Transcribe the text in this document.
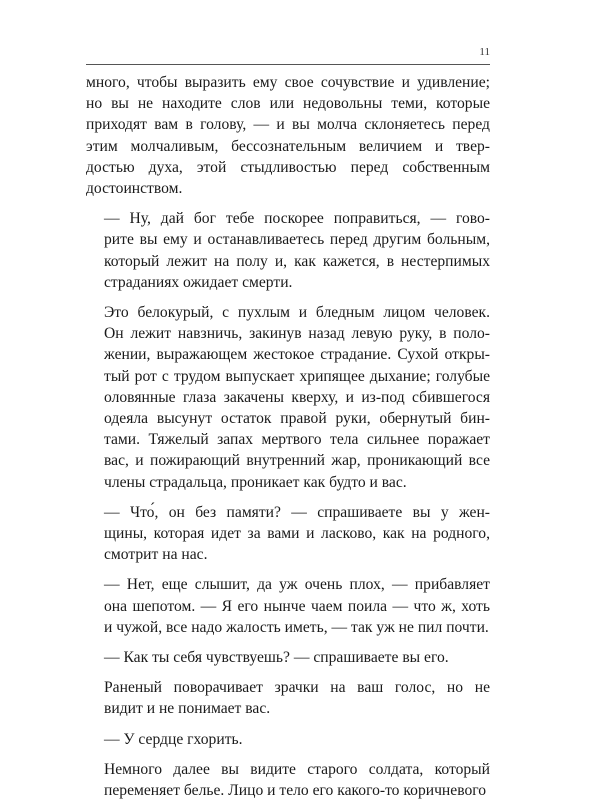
11

много, чтобы выразить ему свое сочувствие и удивление;
но вы не находите слов или недовольны теми, которые
приходят вам в голову, — и вы молча склоняетесь перед
этим молчаливым, бессознательным величием и твер-
достью духа, этой стыдливостью перед собственным
достоинством.

— Ну, дай бог тебе поскорее поправиться, — гово-
рите вы ему и останавливаетесь перед другим больным,
который лежит на полу и, как кажется, в нестерпимых
страданиях ожидает смерти.

Это белокурый, с пухлым и бледным лицом человек.
Он лежит навзничь, закинув назад левую руку, в поло-
жении, выражающем жестокое страдание. Сухой откры-
тый рот с трудом выпускает хрипящее дыхание; голубые
оловянные глаза закачены кверху, и из-под сбившегося
одеяла высунут остаток правой руки, обернутый бин-
тами. Тяжелый запах мертвого тела сильнее поражает
вас, и пожирающий внутренний жар, проникающий все
члены страдальца, проникает как будто и вас.

— Что́, он без памяти? — спрашиваете вы у жен-
щины, которая идет за вами и ласково, как на родного,
смотрит на нас.

— Нет, еще слышит, да уж очень плох, — прибавляет
она шепотом. — Я его нынче чаем поила — что ж, хоть
и чужой, все надо жалость иметь, — так уж не пил почти.

— Как ты себя чувствуешь? — спрашиваете вы его.

Раненый поворачивает зрачки на ваш голос, но не
видит и не понимает вас.

— У сердце гхорить.

Немного далее вы видите старого солдата, который
переменяет белье. Лицо и тело его какого-то коричневого
